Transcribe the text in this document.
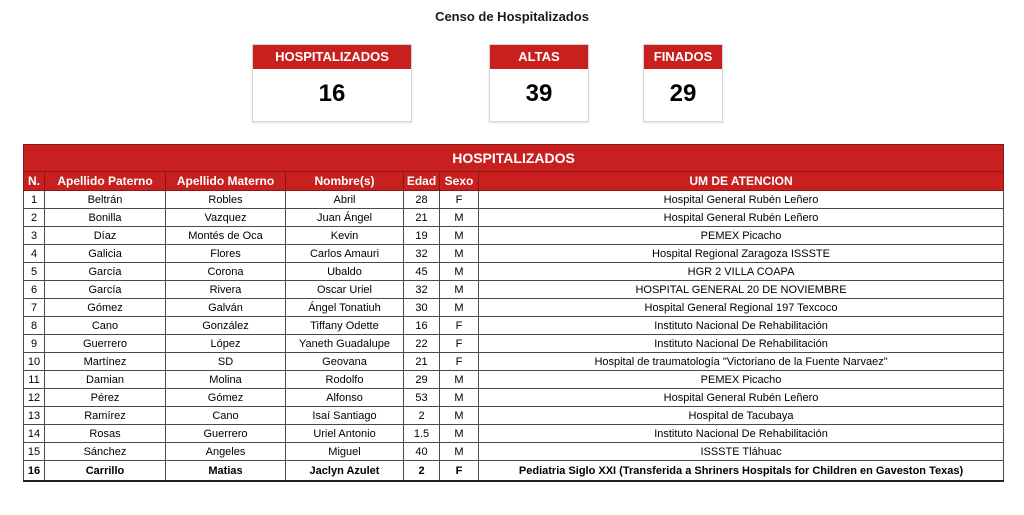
Censo de Hospitalizados
HOSPITALIZADOS
16
ALTAS
39
FINADOS
29
HOSPITALIZADOS						
N.	Apellido Paterno	Apellido Materno	Nombre(s)	Edad	Sexo	UM DE ATENCION
1	Beltrán	Robles	Abril	28	F	Hospital General Rubén Leñero
2	Bonilla	Vazquez	Juan Ángel	21	M	Hospital General Rubén Leñero
3	Díaz	Montés de Oca	Kevin	19	M	PEMEX Picacho
4	Galicia	Flores	Carlos Amauri	32	M	Hospital Regional Zaragoza ISSSTE
5	García	Corona	Ubaldo	45	M	HGR 2 VILLA COAPA
6	García	Rivera	Oscar Uriel	32	M	HOSPITAL GENERAL 20 DE NOVIEMBRE
7	Gómez	Galván	Ángel Tonatiuh	30	M	Hospital General Regional 197 Texcoco
8	Cano	González	Tiffany Odette	16	F	Instituto Nacional De Rehabilitación
9	Guerrero	López	Yaneth Guadalupe	22	F	Instituto Nacional De Rehabilitación
10	Martínez	SD	Geovana	21	F	Hospital de traumatología "Victoriano de la Fuente Narvaez"
11	Damian	Molina	Rodolfo	29	M	PEMEX Picacho
12	Pérez	Gómez	Alfonso	53	M	Hospital General Rubén Leñero
13	Ramírez	Cano	Isaí Santiago	2	M	Hospital de Tacubaya
14	Rosas	Guerrero	Uriel Antonio	1.5	M	Instituto Nacional De Rehabilitación
15	Sánchez	Angeles	Miguel	40	M	ISSSTE Tláhuac
16	Carrillo	Matias	Jaclyn Azulet	2	F	Pediatria Siglo XXI (Transferida a Shriners Hospitals for Children en Gaveston Texas)
